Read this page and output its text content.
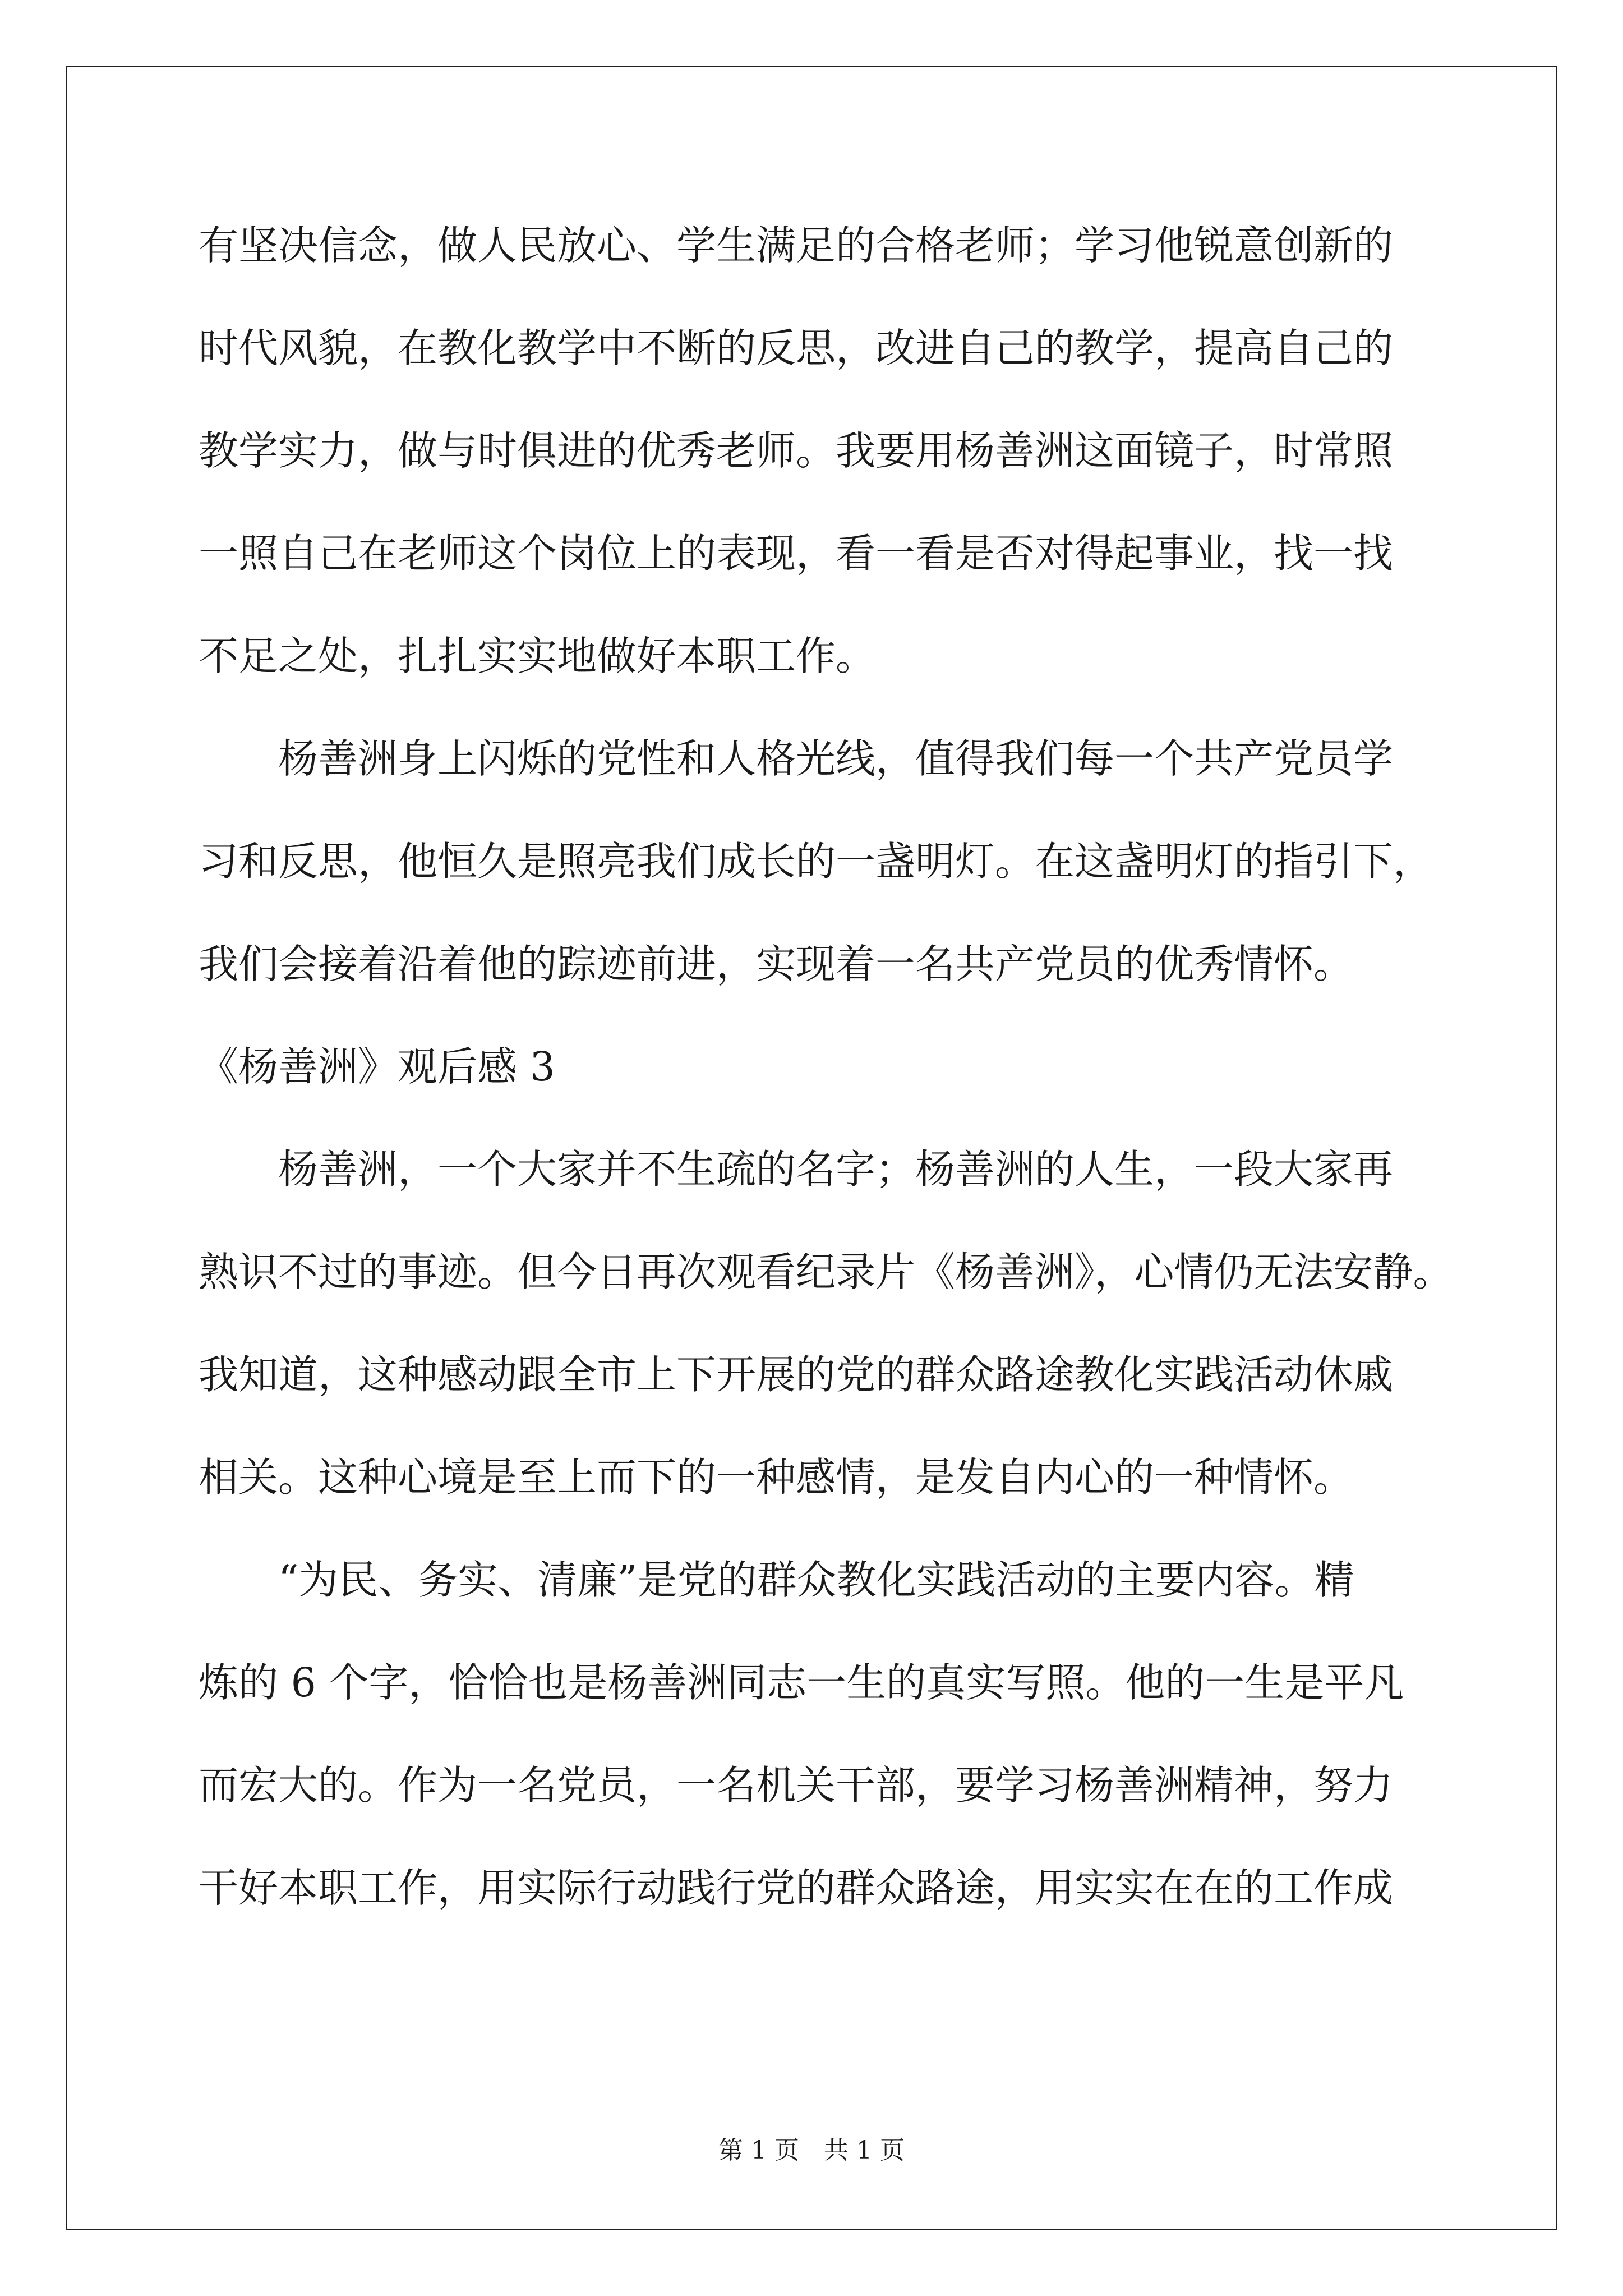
有坚决信念，做人民放心、学生满足的合格老师；学习他锐意创新的
时代风貌，在教化教学中不断的反思，改进自己的教学，提高自己的
教学实力，做与时俱进的优秀老师。我要用杨善洲这面镜子，时常照
一照自己在老师这个岗位上的表现，看一看是否对得起事业，找一找
不足之处，扎扎实实地做好本职工作。
　　杨善洲身上闪烁的党性和人格光线，值得我们每一个共产党员学
习和反思，他恒久是照亮我们成长的一盏明灯。在这盏明灯的指引下，
我们会接着沿着他的踪迹前进，实现着一名共产党员的优秀情怀。
《杨善洲》观后感 3
　　杨善洲，一个大家并不生疏的名字；杨善洲的人生，一段大家再
熟识不过的事迹。但今日再次观看纪录片《杨善洲》，心情仍无法安静。
我知道，这种感动跟全市上下开展的党的群众路途教化实践活动休戚
相关。这种心境是至上而下的一种感情，是发自内心的一种情怀。
　　“为民、务实、清廉”是党的群众教化实践活动的主要内容。精
炼的 6 个字，恰恰也是杨善洲同志一生的真实写照。他的一生是平凡
而宏大的。作为一名党员，一名机关干部，要学习杨善洲精神，努力
干好本职工作，用实际行动践行党的群众路途，用实实在在的工作成
第 1 页　共 1 页
